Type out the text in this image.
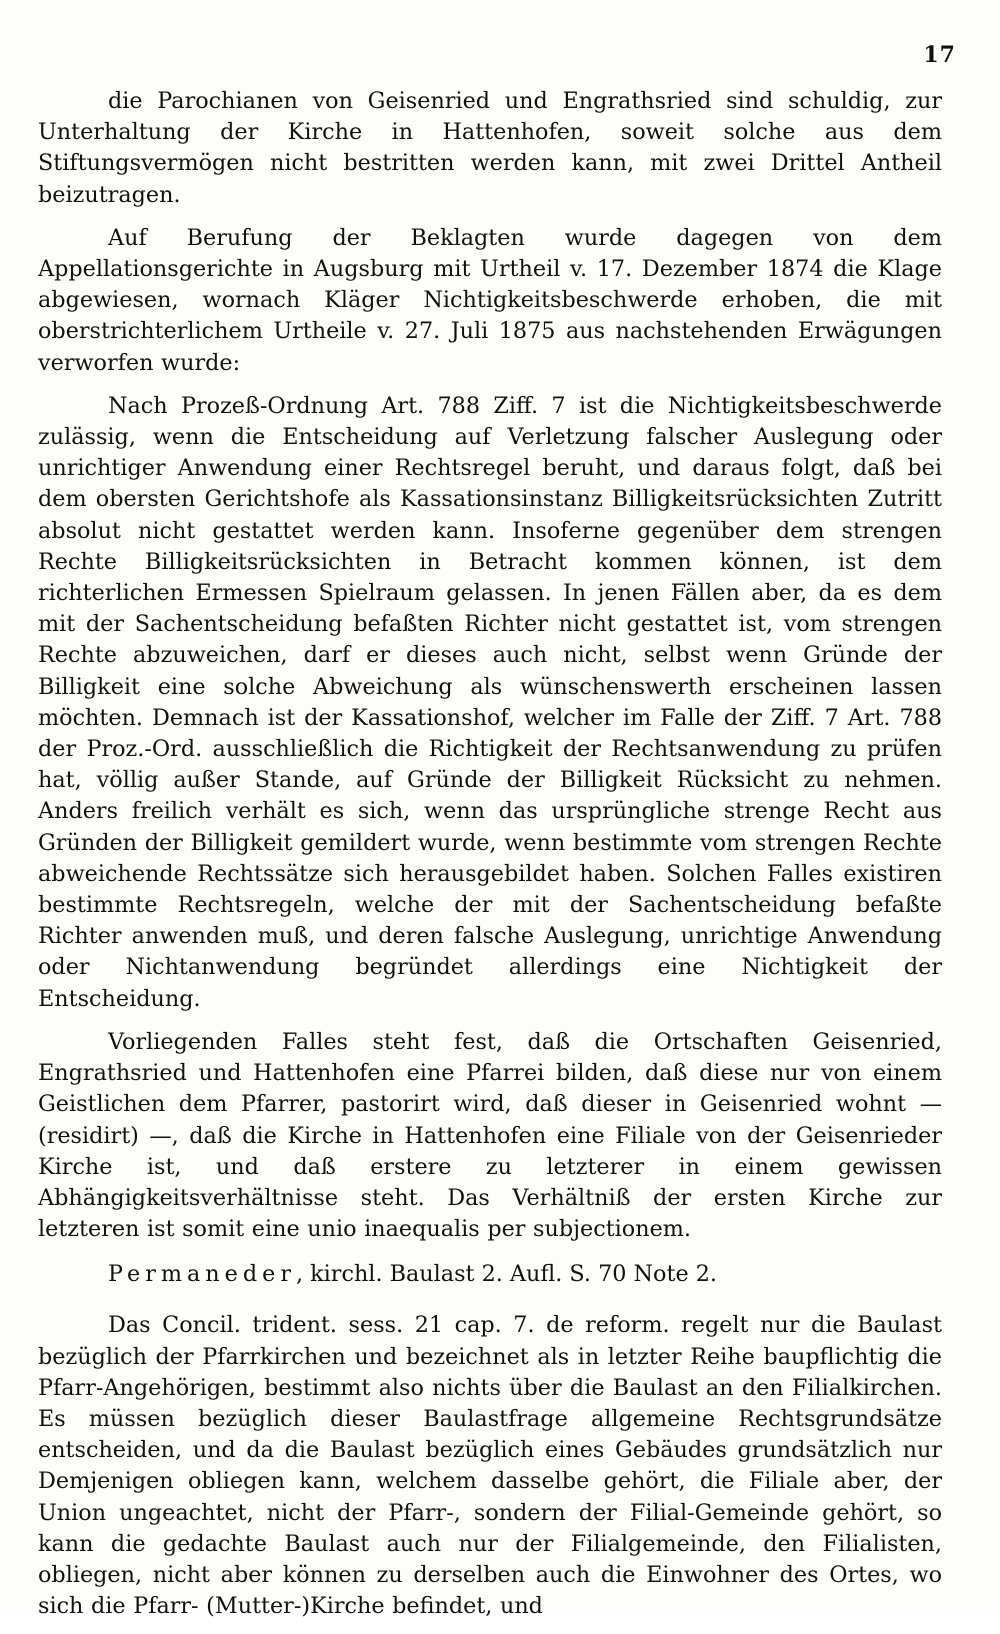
17

die Parochianen von Geisenried und Engrathsried sind schuldig, zur Unterhaltung der Kirche in Hattenhofen, soweit solche aus dem Stiftungsvermögen nicht bestritten werden kann, mit zwei Drittel Antheil beizutragen.

Auf Berufung der Beklagten wurde dagegen von dem Appellationsgerichte in Augsburg mit Urtheil v. 17. Dezember 1874 die Klage abgewiesen, wornach Kläger Nichtigkeitsbeschwerde erhoben, die mit oberstrichterlichem Urtheile v. 27. Juli 1875 aus nachstehenden Erwägungen verworfen wurde:

Nach Prozeß-Ordnung Art. 788 Ziff. 7 ist die Nichtigkeitsbeschwerde zulässig, wenn die Entscheidung auf Verletzung falscher Auslegung oder unrichtiger Anwendung einer Rechtsregel beruht, und daraus folgt, daß bei dem obersten Gerichtshofe als Kassationsinstanz Billigkeitsrücksichten Zutritt absolut nicht gestattet werden kann. Insoferne gegenüber dem strengen Rechte Billigkeitsrücksichten in Betracht kommen können, ist dem richterlichen Ermessen Spielraum gelassen. In jenen Fällen aber, da es dem mit der Sachentscheidung befaßten Richter nicht gestattet ist, vom strengen Rechte abzuweichen, darf er dieses auch nicht, selbst wenn Gründe der Billigkeit eine solche Abweichung als wünschenswerth erscheinen lassen möchten. Demnach ist der Kassationshof, welcher im Falle der Ziff. 7 Art. 788 der Proz.-Ord. ausschließlich die Richtigkeit der Rechtsanwendung zu prüfen hat, völlig außer Stande, auf Gründe der Billigkeit Rücksicht zu nehmen. Anders freilich verhält es sich, wenn das ursprüngliche strenge Recht aus Gründen der Billigkeit gemildert wurde, wenn bestimmte vom strengen Rechte abweichende Rechtssätze sich herausgebildet haben. Solchen Falles existiren bestimmte Rechtsregeln, welche der mit der Sachentscheidung befaßte Richter anwenden muß, und deren falsche Auslegung, unrichtige Anwendung oder Nichtanwendung begründet allerdings eine Nichtigkeit der Entscheidung.

Vorliegenden Falles steht fest, daß die Ortschaften Geisenried, Engrathsried und Hattenhofen eine Pfarrei bilden, daß diese nur von einem Geistlichen dem Pfarrer, pastorirt wird, daß dieser in Geisenried wohnt — (residirt) —, daß die Kirche in Hattenhofen eine Filiale von der Geisenrieder Kirche ist, und daß erstere zu letzterer in einem gewissen Abhängigkeitsverhältnisse steht. Das Verhältniß der ersten Kirche zur letzteren ist somit eine unio inaequalis per subjectionem.

Permaneder, kirchl. Baulast 2. Aufl. S. 70 Note 2.

Das Concil. trident. sess. 21 cap. 7. de reform. regelt nur die Baulast bezüglich der Pfarrkirchen und bezeichnet als in letzter Reihe baupflichtig die Pfarr-Angehörigen, bestimmt also nichts über die Baulast an den Filialkirchen. Es müssen bezüglich dieser Baulastfrage allgemeine Rechtsgrundsätze entscheiden, und da die Baulast bezüglich eines Gebäudes grundsätzlich nur Demjenigen obliegen kann, welchem dasselbe gehört, die Filiale aber, der Union ungeachtet, nicht der Pfarr-, sondern der Filial-Gemeinde gehört, so kann die gedachte Baulast auch nur der Filialgemeinde, den Filialisten, obliegen, nicht aber können zu derselben auch die Einwohner des Ortes, wo sich die Pfarr- (Mutter-)Kirche befindet, und
